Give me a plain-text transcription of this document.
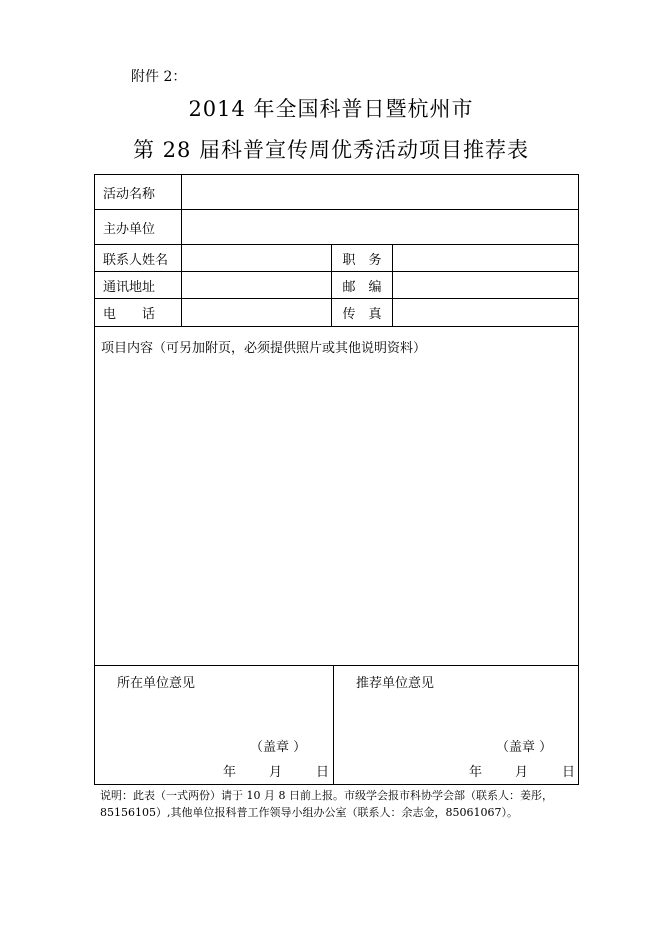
附件 2：
2014 年全国科普日暨杭州市
第 28 届科普宣传周优秀活动项目推荐表
活动名称
主办单位
联系人姓名	职　务
通讯地址	邮　编
电　　话	传　真
项目内容（可另加附页，必须提供照片或其他说明资料）
所在单位意见
（盖章 ）
年	月	日
推荐单位意见
（盖章 ）
年	月	日
说明：此表（一式两份）请于 10 月 8 日前上报。市级学会报市科协学会部（联系人：姜彤，
85156105）,其他单位报科普工作领导小组办公室（联系人：余志金，85061067）。
